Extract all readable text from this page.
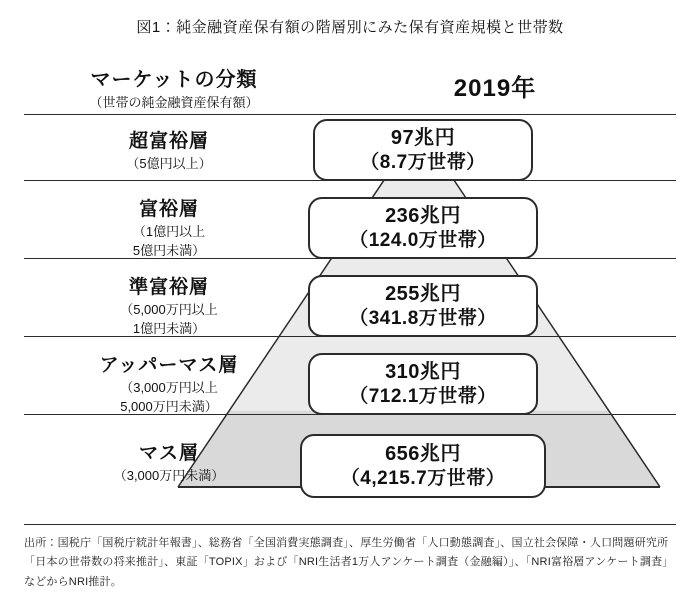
図1：純金融資産保有額の階層別にみた保有資産規模と世帯数
マーケットの分類
（世帯の純金融資産保有額）
2019年
超富裕層
（5億円以上）
富裕層
（1億円以上
5億円未満）
準富裕層
（5,000万円以上
1億円未満）
アッパーマス層
（3,000万円以上
5,000万円未満）
マス層
（3,000万円未満）
97兆円
（8.7万世帯）
236兆円
（124.0万世帯）
255兆円
（341.8万世帯）
310兆円
（712.1万世帯）
656兆円
（4,215.7万世帯）
出所：国税庁「国税庁統計年報書」、総務省「全国消費実態調査」、厚生労働省「人口動態調査」、国立社会保障・人口問題研究所「日本の世帯数の将来推計」、東証「TOPIX」および「NRI生活者1万人アンケート調査（金融編）」、「NRI富裕層アンケート調査」などからNRI推計。
